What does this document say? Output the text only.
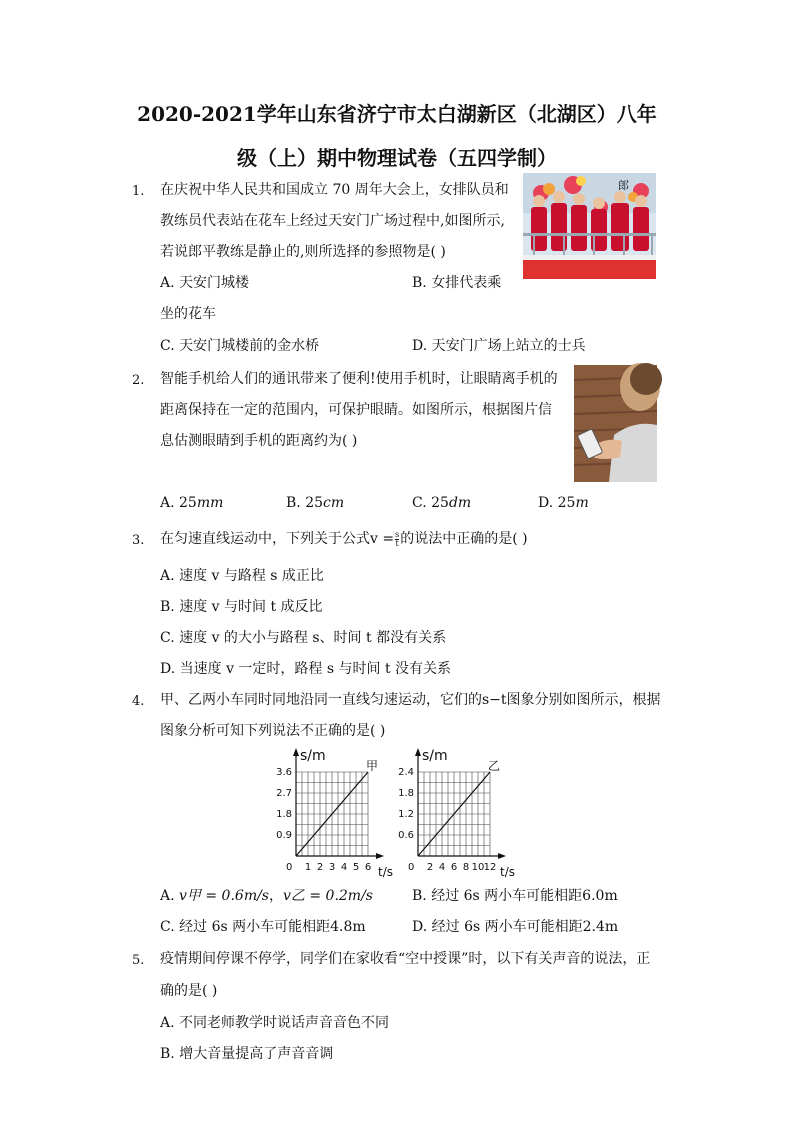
2020-2021学年山东省济宁市太白湖新区（北湖区）八年
级（上）期中物理试卷（五四学制）
1. 在庆祝中华人民共和国成立 70 周年大会上，女排队员和
教练员代表站在花车上经过天安门广场过程中,如图所示,
若说郎平教练是静止的,则所选择的参照物是( )
A. 天安门城楼	B. 女排代表乘
坐的花车
C. 天安门城楼前的金水桥	D. 天安门广场上站立的士兵
郎
2. 智能手机给人们的通讯带来了便利!使用手机时，让眼睛离手机的
距离保持在一定的范围内，可保护眼睛。如图所示，根据图片信
息估测眼睛到手机的距离约为( )
A. 25mm	B. 25cm	C. 25dm	D. 25m
3. 在匀速直线运动中，下列关于公式$v = \frac{s}{t}$ 的说法中正确的是( )
A. 速度 v 与路程 s 成正比
B. 速度 v 与时间 t 成反比
C. 速度 v 的大小与路程 s、时间 t 都没有关系
D. 当速度 v 一定时，路程 s 与时间 t 没有关系
4. 甲、乙两小车同时同地沿同一直线匀速运动，它们的s−t图象分别如图所示，根据
图象分析可知下列说法不正确的是( )
s/m
t/s
0
0.9
1.8
2.7
3.6
1 2 3 4 5 6
甲
s/m
t/s
0
0.6
1.2
1.8
2.4
2 4 6 8 10 12
乙
A. v甲 = 0.6m/s，v乙 = 0.2m/s	B. 经过 6s 两小车可能相距6.0m
C. 经过 6s 两小车可能相距4.8m	D. 经过 6s 两小车可能相距2.4m
5. 疫情期间停课不停学，同学们在家收看“空中授课”时，以下有关声音的说法，正
确的是( )
A. 不同老师教学时说话声音音色不同
B. 增大音量提高了声音音调
